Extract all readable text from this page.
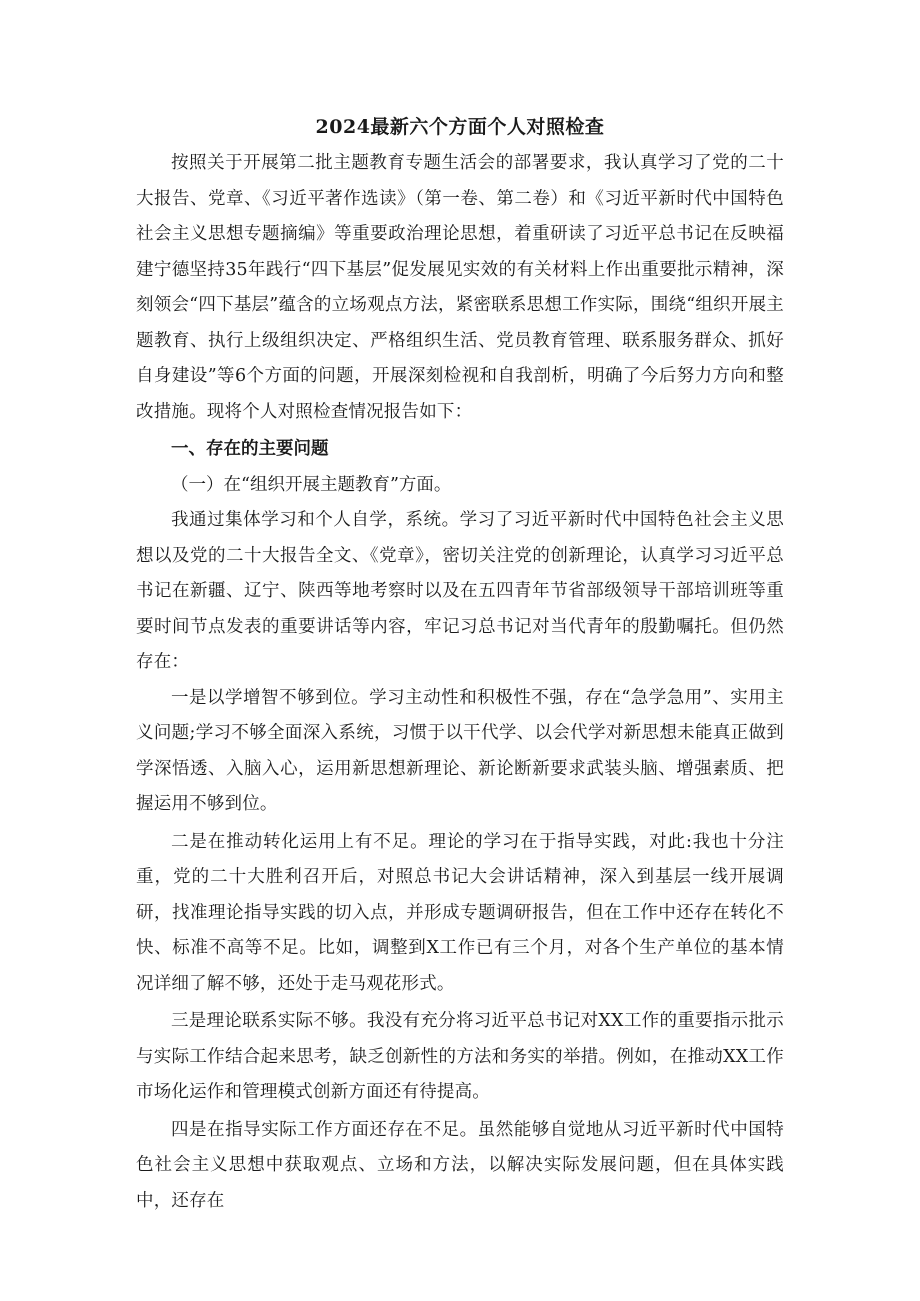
2024最新六个方面个人对照检查

按照关于开展第二批主题教育专题生活会的部署要求，我认真学习了党的二十大报告、党章、《习近平著作选读》（第一卷、第二卷）和《习近平新时代中国特色社会主义思想专题摘编》等重要政治理论思想，着重研读了习近平总书记在反映福建宁德坚持35年践行“四下基层”促发展见实效的有关材料上作出重要批示精神，深刻领会“四下基层”蕴含的立场观点方法，紧密联系思想工作实际，围绕“组织开展主题教育、执行上级组织决定、严格组织生活、党员教育管理、联系服务群众、抓好自身建设”等6个方面的问题，开展深刻检视和自我剖析，明确了今后努力方向和整改措施。现将个人对照检查情况报告如下：

一、存在的主要问题

（一）在“组织开展主题教育”方面。

我通过集体学习和个人自学，系统。学习了习近平新时代中国特色社会主义思想以及党的二十大报告全文、《党章》，密切关注党的创新理论，认真学习习近平总书记在新疆、辽宁、陕西等地考察时以及在五四青年节省部级领导干部培训班等重要时间节点发表的重要讲话等内容，牢记习总书记对当代青年的殷勤嘱托。但仍然存在：

一是以学增智不够到位。学习主动性和积极性不强，存在“急学急用”、实用主义问题;学习不够全面深入系统，习惯于以干代学、以会代学对新思想未能真正做到学深悟透、入脑入心，运用新思想新理论、新论断新要求武装头脑、增强素质、把握运用不够到位。

二是在推动转化运用上有不足。理论的学习在于指导实践，对此:我也十分注重，党的二十大胜利召开后，对照总书记大会讲话精神，深入到基层一线开展调研，找准理论指导实践的切入点，并形成专题调研报告，但在工作中还存在转化不快、标准不高等不足。比如，调整到X工作已有三个月，对各个生产单位的基本情况详细了解不够，还处于走马观花形式。

三是理论联系实际不够。我没有充分将习近平总书记对XX工作的重要指示批示与实际工作结合起来思考，缺乏创新性的方法和务实的举措。例如，在推动XX工作市场化运作和管理模式创新方面还有待提高。

四是在指导实际工作方面还存在不足。虽然能够自觉地从习近平新时代中国特色社会主义思想中获取观点、立场和方法，以解决实际发展问题，但在具体实践中，还存在
